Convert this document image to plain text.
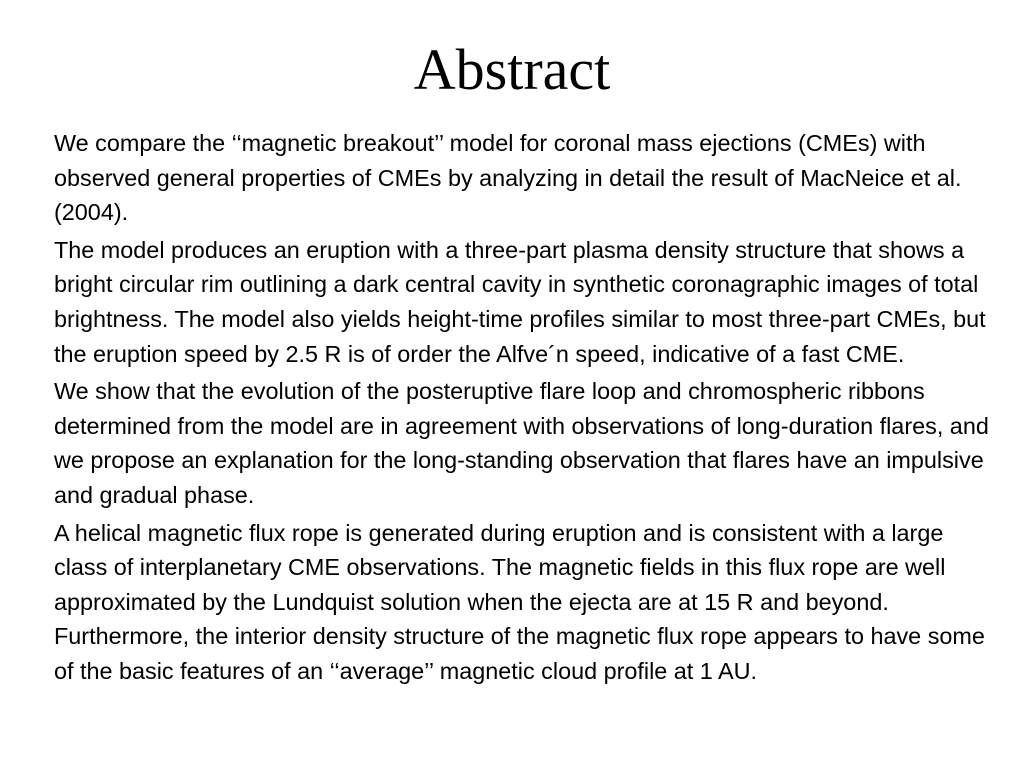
Abstract

We compare the ‘‘magnetic breakout’’ model for coronal mass ejections (CMEs) with observed general properties of CMEs by analyzing in detail the result of MacNeice et al. (2004).

The model produces an eruption with a three-part plasma density structure that shows a bright circular rim outlining a dark central cavity in synthetic coronagraphic images of total brightness. The model also yields height-time profiles similar to most three-part CMEs, but the eruption speed by 2.5 R is of order the Alfve´n speed, indicative of a fast CME.

We show that the evolution of the posteruptive flare loop and chromospheric ribbons determined from the model are in agreement with observations of long-duration flares, and we propose an explanation for the long-standing observation that flares have an impulsive and gradual phase.

A helical magnetic flux rope is generated during eruption and is consistent with a large class of interplanetary CME observations. The magnetic fields in this flux rope are well approximated by the Lundquist solution when the ejecta are at 15 R and beyond. Furthermore, the interior density structure of the magnetic flux rope appears to have some of the basic features of an ‘‘average’’ magnetic cloud profile at 1 AU.
